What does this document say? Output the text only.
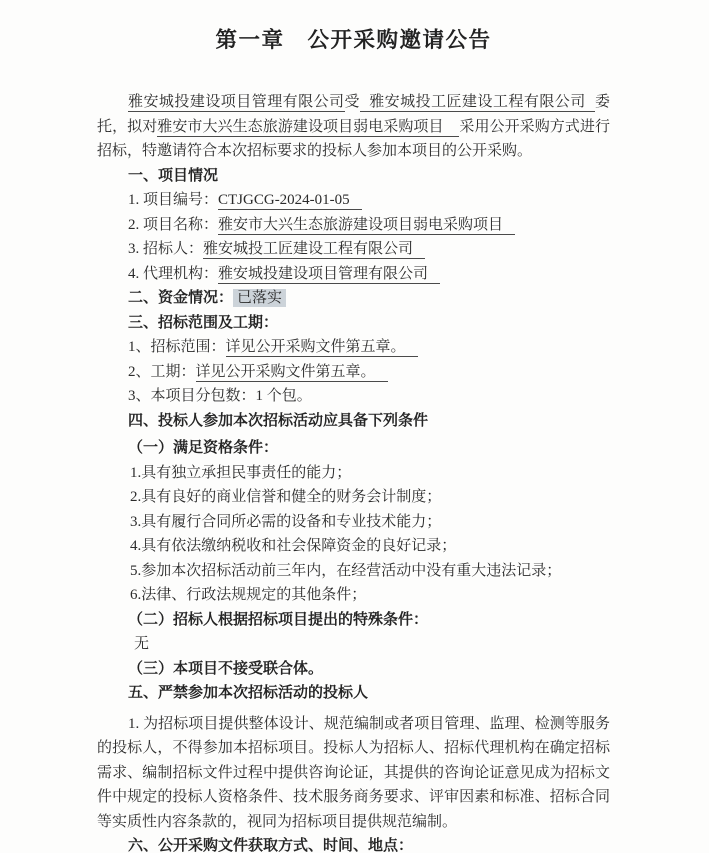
第一章　公开采购邀请公告
雅安城投建设项目管理有限公司受 雅安城投工匠建设工程有限公司 委托，拟对雅安市大兴生态旅游建设项目弱电采购项目 采用公开采购方式进行招标，特邀请符合本次招标要求的投标人参加本项目的公开采购。
一、项目情况
1. 项目编号：CTJGCG-2024-01-05
2. 项目名称：雅安市大兴生态旅游建设项目弱电采购项目
3. 招标人：雅安城投工匠建设工程有限公司
4. 代理机构：雅安城投建设项目管理有限公司
二、资金情况： 已落实
三、招标范围及工期：
1、招标范围：详见公开采购文件第五章。
2、工期：详见公开采购文件第五章。
3、本项目分包数：1 个包。
四、投标人参加本次招标活动应具备下列条件
（一）满足资格条件：
1.具有独立承担民事责任的能力；
2.具有良好的商业信誉和健全的财务会计制度；
3.具有履行合同所必需的设备和专业技术能力；
4.具有依法缴纳税收和社会保障资金的良好记录；
5.参加本次招标活动前三年内，在经营活动中没有重大违法记录；
6.法律、行政法规规定的其他条件；
（二）招标人根据招标项目提出的特殊条件：
无
（三）本项目不接受联合体。
五、严禁参加本次招标活动的投标人
1. 为招标项目提供整体设计、规范编制或者项目管理、监理、检测等服务的投标人，不得参加本招标项目。投标人为招标人、招标代理机构在确定招标需求、编制招标文件过程中提供咨询论证，其提供的咨询论证意见成为招标文件中规定的投标人资格条件、技术服务商务要求、评审因素和标准、招标合同等实质性内容条款的，视同为招标项目提供规范编制。
六、公开采购文件获取方式、时间、地点：
